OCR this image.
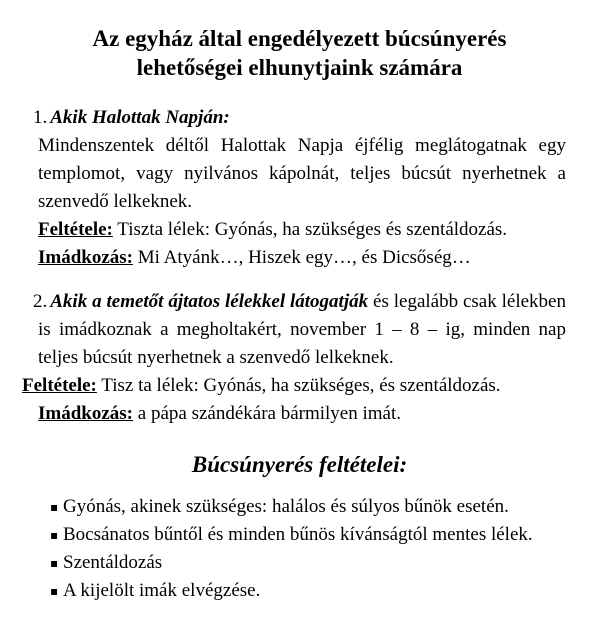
Az egyház által engedélyezett búcsúnyerés
lehetőségei elhunytjaink számára

1. Akik Halottak Napján:

Mindenszentek déltől Halottak Napja éjfélig meglátogatnak egy templomot, vagy nyilvános kápolnát, teljes búcsút nyerhetnek a szenvedő lelkeknek.

Feltétele: Tiszta lélek: Gyónás, ha szükséges és szentáldozás.

Imádkozás: Mi Atyánk…, Hiszek egy…, és Dicsőség…

2. Akik a temetőt ájtatos lélekkel látogatják és legalább csak lélekben is imádkoznak a megholtakért, november 1 – 8 – ig, minden nap teljes búcsút nyerhetnek a szenvedő lelkeknek.

Feltétele: Tisz ta lélek: Gyónás, ha szükséges, és szentáldozás.

Imádkozás: a pápa szándékára bármilyen imát.

Búcsúnyerés feltételei:
▪ Gyónás, akinek szükséges: halálos és súlyos bűnök esetén.
▪ Bocsánatos bűntől és minden bűnös kívánságtól mentes lélek.
▪ Szentáldozás
▪ A kijelölt imák elvégzése.
